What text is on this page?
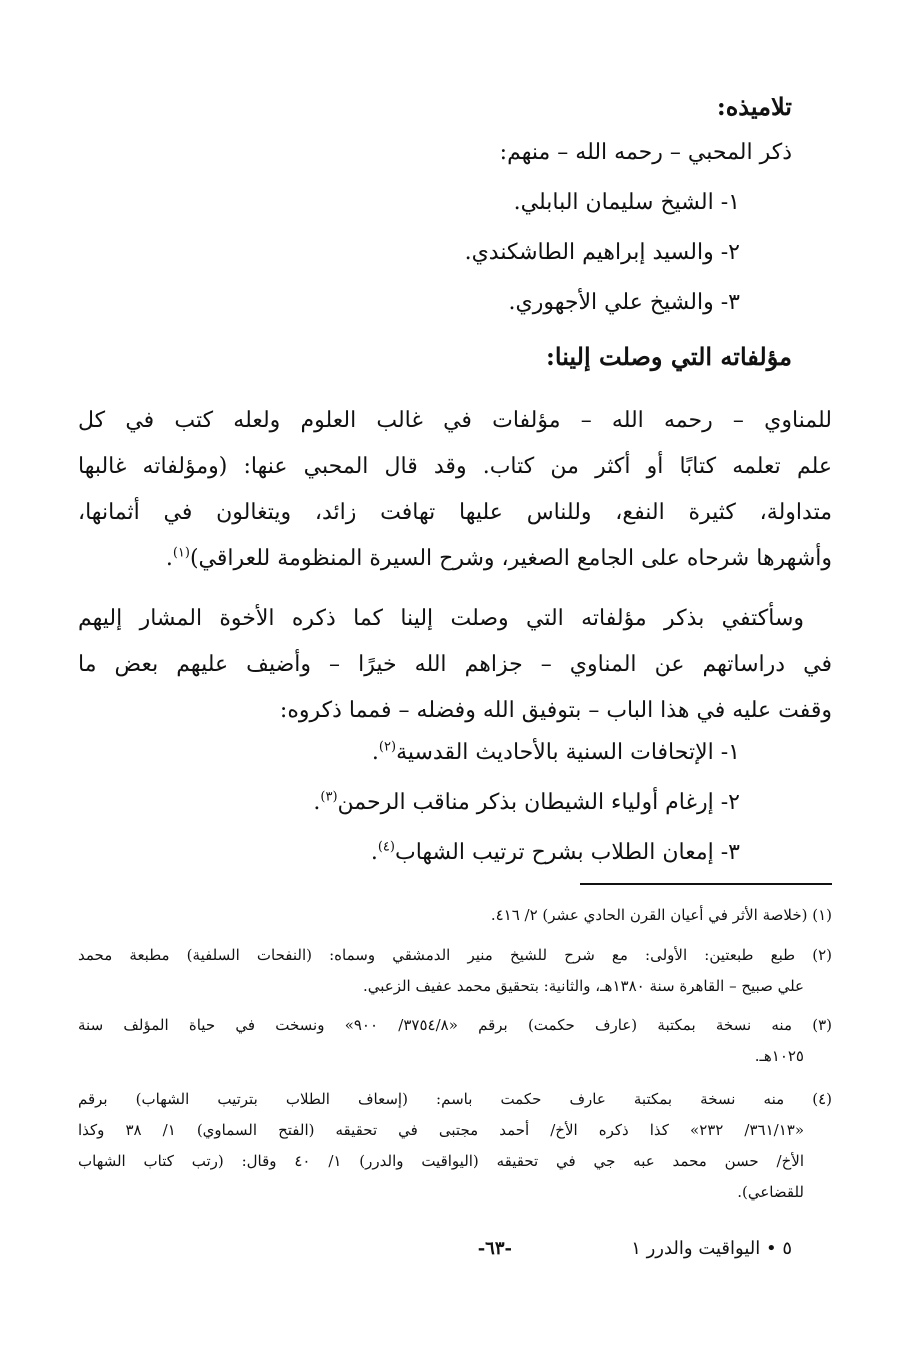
تلاميذه:
ذكر المحبي – رحمه الله – منهم:
١- الشيخ سليمان البابلي.
٢- والسيد إبراهيم الطاشكندي.
٣- والشيخ علي الأجهوري.
مؤلفاته التي وصلت إلينا:
للمناوي – رحمه الله – مؤلفات في غالب العلوم ولعله كتب في كل
علم تعلمه كتابًا أو أكثر من كتاب. وقد قال المحبي عنها: (ومؤلفاته غالبها
متداولة، كثيرة النفع، وللناس عليها تهافت زائد، ويتغالون في أثمانها،
وأشهرها شرحاه على الجامع الصغير، وشرح السيرة المنظومة للعراقي)$^{(١)}$.
وسأكتفي بذكر مؤلفاته التي وصلت إلينا كما ذكره الأخوة المشار إليهم
في دراساتهم عن المناوي – جزاهم الله خيرًا – وأضيف عليهم بعض ما
وقفت عليه في هذا الباب – بتوفيق الله وفضله – فمما ذكروه:
١- الإتحافات السنية بالأحاديث القدسية$^{(٢)}$.
٢- إرغام أولياء الشيطان بذكر مناقب الرحمن$^{(٣)}$.
٣- إمعان الطلاب بشرح ترتيب الشهاب$^{(٤)}$.
(١) (خلاصة الأثر في أعيان القرن الحادي عشر) ٢/ ٤١٦.
(٢) طبع طبعتين: الأولى: مع شرح للشيخ منير الدمشقي وسماه: (النفحات السلفية) مطبعة محمد
علي صبيح – القاهرة سنة ١٣٨٠هـ، والثانية: بتحقيق محمد عفيف الزعبي.
(٣) منه نسخة بمكتبة (عارف حكمت) برقم «٣٧٥٤/٨/ ٩٠٠» ونسخت في حياة المؤلف سنة
١٠٢٥هـ.
(٤) منه نسخة بمكتبة عارف حكمت باسم: (إسعاف الطلاب بترتيب الشهاب) برقم
«٣٦١/١٣/ ٢٣٢» كذا ذكره الأخ/ أحمد مجتبى في تحقيقه (الفتح السماوي) ١/ ٣٨ وكذا
الأخ/ حسن محمد عبه جي في تحقيقه (اليواقيت والدرر) ١/ ٤٠ وقال: (رتب كتاب الشهاب
للقضاعي).
٥ • اليواقيت والدرر ١
-٦٣-
